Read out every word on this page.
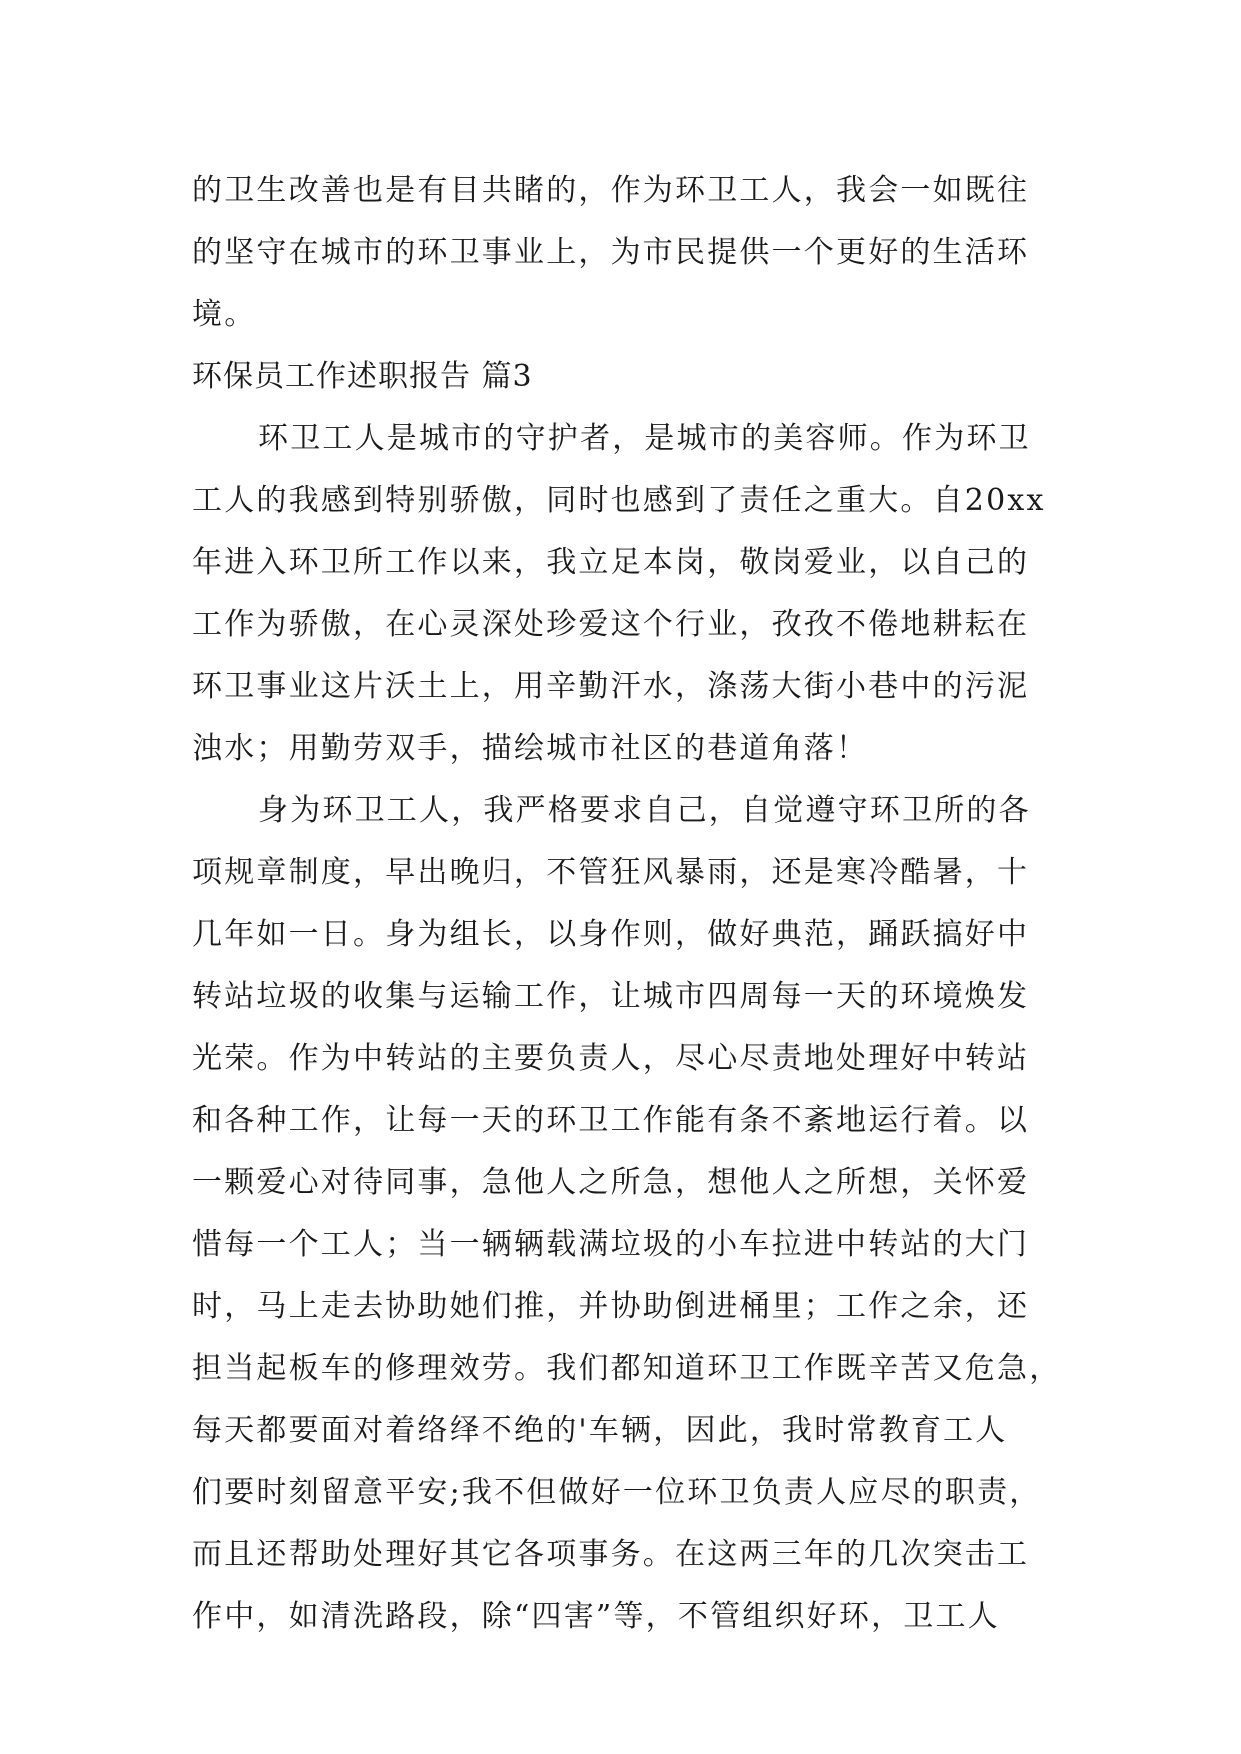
的卫生改善也是有目共睹的，作为环卫工人，我会一如既往
的坚守在城市的环卫事业上，为市民提供一个更好的生活环
境。
环保员工作述职报告 篇3
环卫工人是城市的守护者，是城市的美容师。作为环卫
工人的我感到特别骄傲，同时也感到了责任之重大。自20xx
年进入环卫所工作以来，我立足本岗，敬岗爱业，以自己的
工作为骄傲，在心灵深处珍爱这个行业，孜孜不倦地耕耘在
环卫事业这片沃土上，用辛勤汗水，涤荡大街小巷中的污泥
浊水；用勤劳双手，描绘城市社区的巷道角落！
身为环卫工人，我严格要求自己，自觉遵守环卫所的各
项规章制度，早出晚归，不管狂风暴雨，还是寒冷酷暑，十
几年如一日。身为组长，以身作则，做好典范，踊跃搞好中
转站垃圾的收集与运输工作，让城市四周每一天的环境焕发
光荣。作为中转站的主要负责人，尽心尽责地处理好中转站
和各种工作，让每一天的环卫工作能有条不紊地运行着。以
一颗爱心对待同事，急他人之所急，想他人之所想，关怀爱
惜每一个工人；当一辆辆载满垃圾的小车拉进中转站的大门
时，马上走去协助她们推，并协助倒进桶里；工作之余，还
担当起板车的修理效劳。我们都知道环卫工作既辛苦又危急，
每天都要面对着络绎不绝的'车辆，因此，我时常教育工人
们要时刻留意平安;我不但做好一位环卫负责人应尽的职责，
而且还帮助处理好其它各项事务。在这两三年的几次突击工
作中，如清洗路段，除“四害”等，不管组织好环，卫工人
